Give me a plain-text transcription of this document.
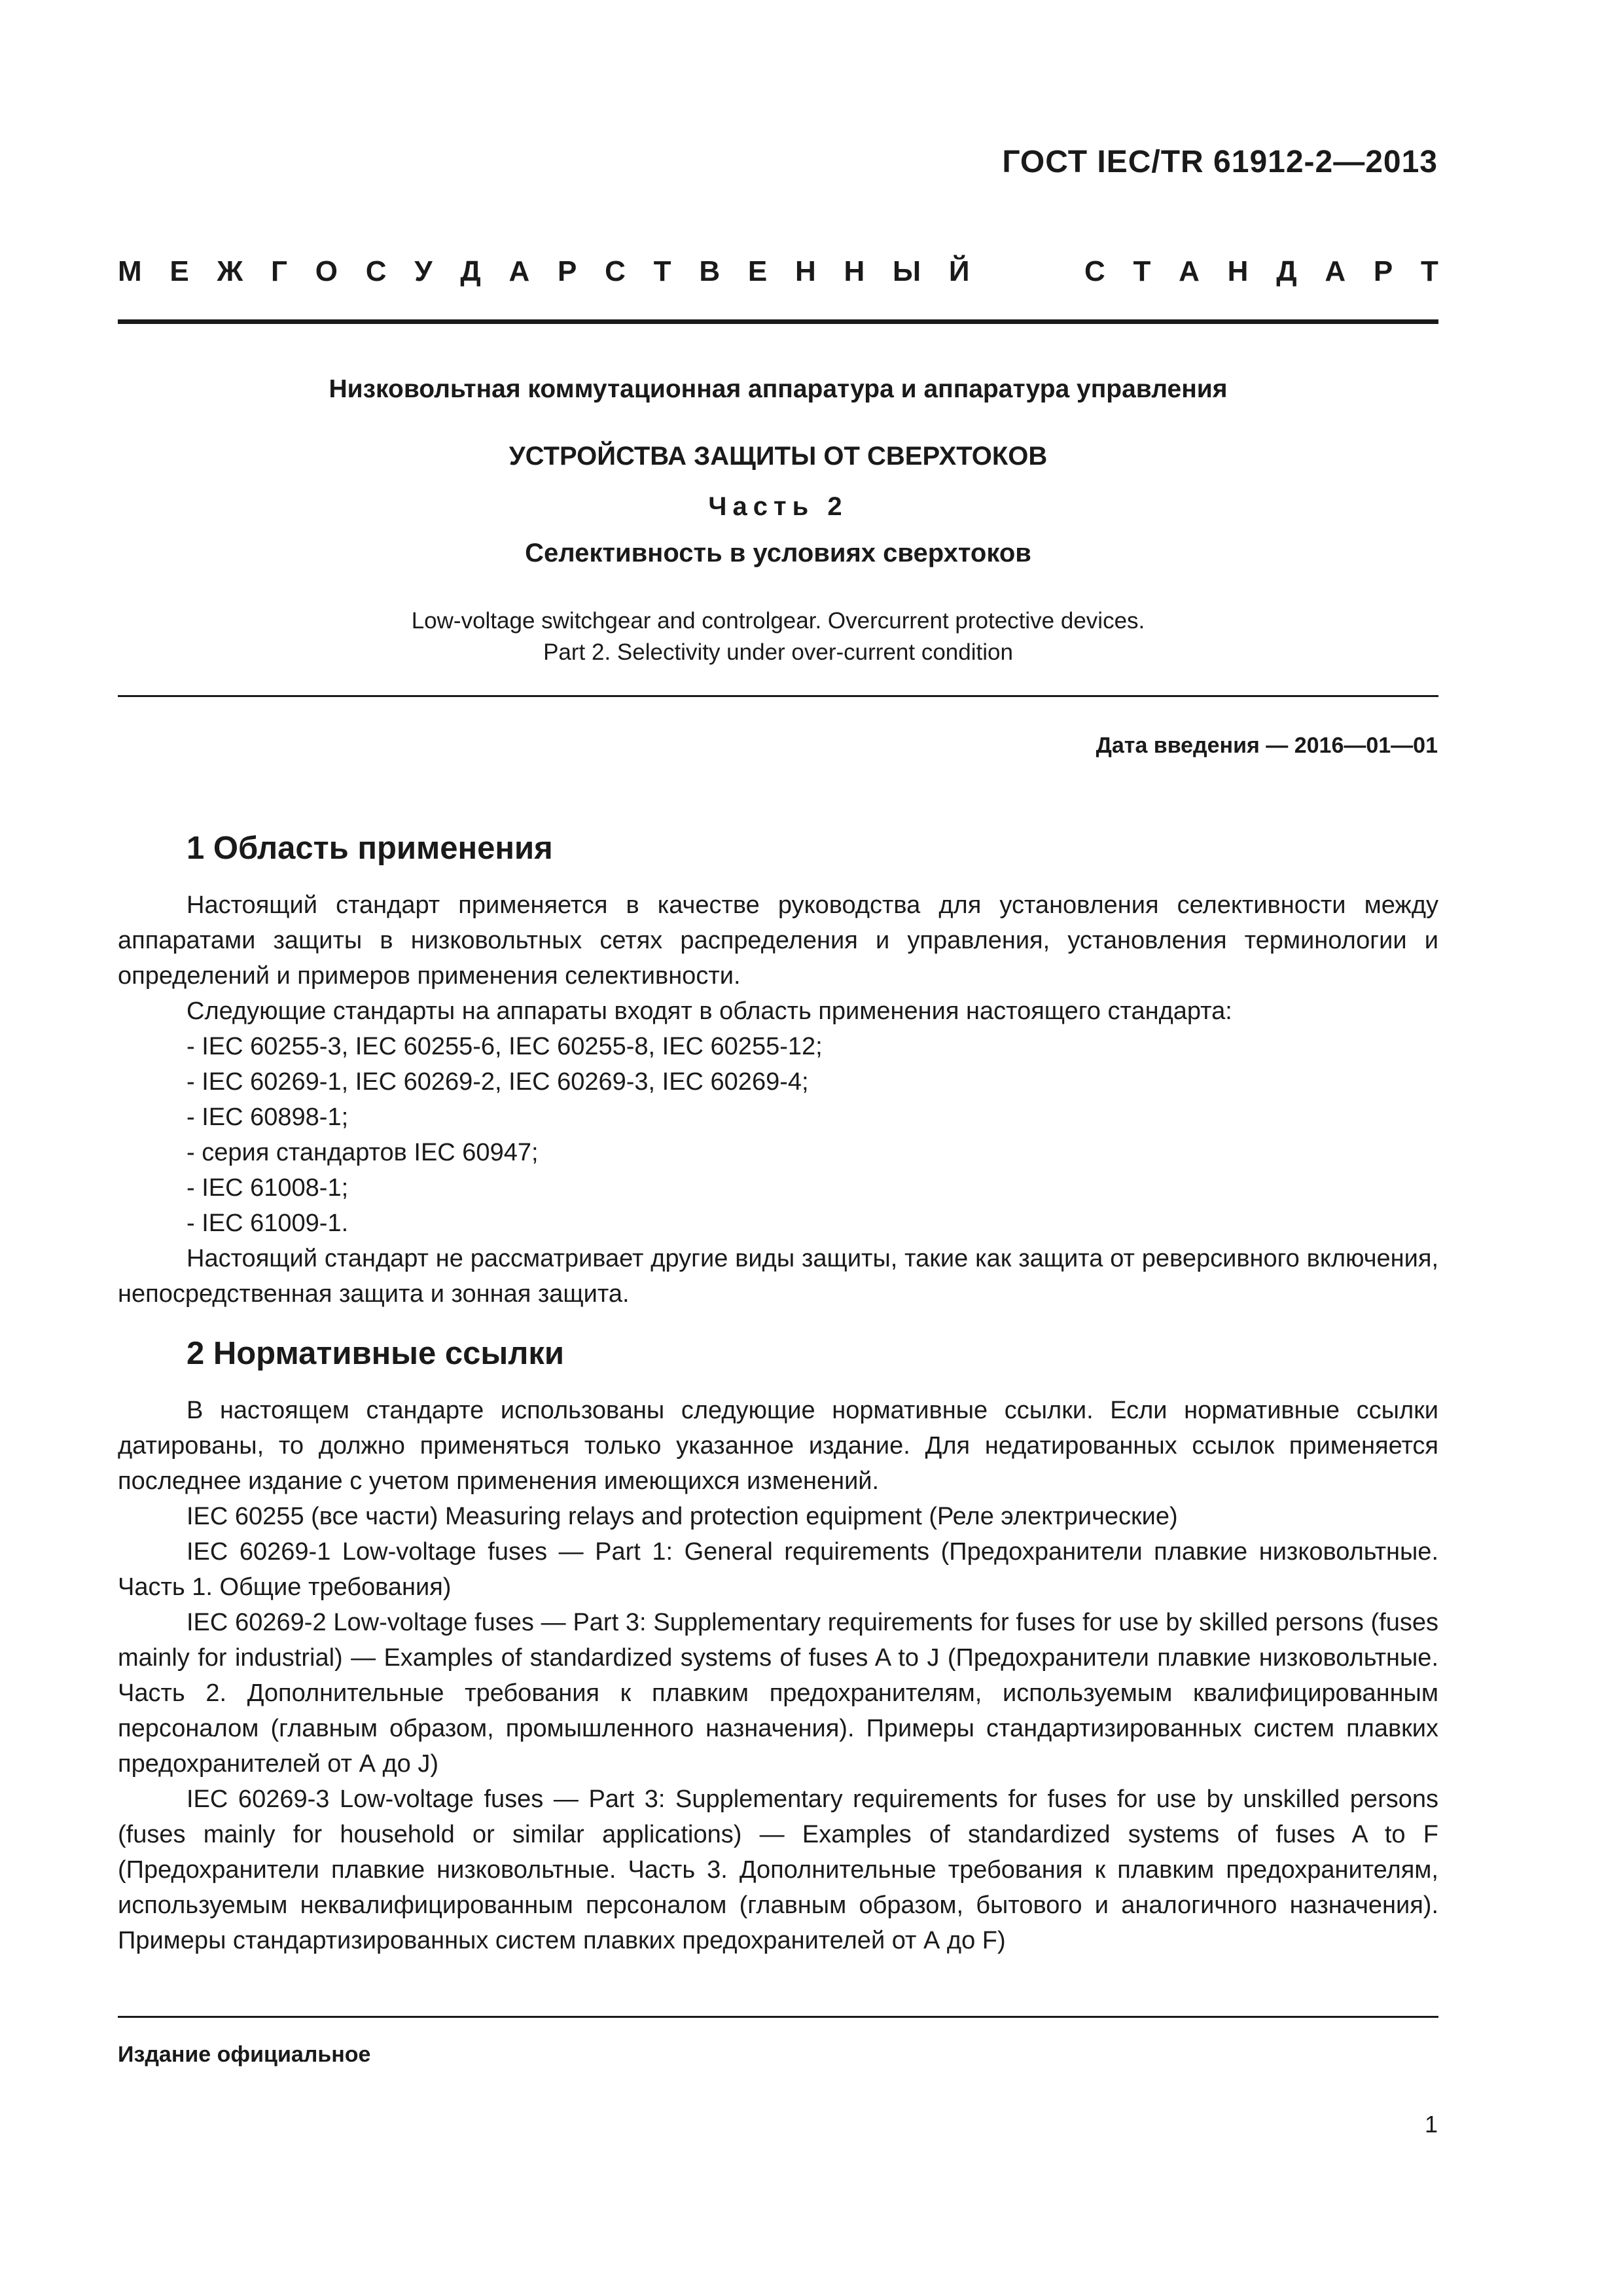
ГОСТ IEC/TR 61912-2—2013
М Е Ж Г О С У Д А Р С Т В Е Н Н Ы Й	С Т А Н Д А Р Т
Низковольтная коммутационная аппаратура и аппаратура управления
УСТРОЙСТВА ЗАЩИТЫ ОТ СВЕРХТОКОВ
Часть 2
Селективность в условиях сверхтоков
Low-voltage switchgear and controlgear. Overcurrent protective devices.
Part 2. Selectivity under over-current condition
Дата введения — 2016—01—01
1 Область применения

Настоящий стандарт применяется в качестве руководства для установления селективности между аппаратами защиты в низковольтных сетях распределения и управления, установления терминологии и определений и примеров применения селективности.

Следующие стандарты на аппараты входят в область применения настоящего стандарта:

- IEC 60255-3, IEC 60255-6, IEC 60255-8, IEC 60255-12;

- IEC 60269-1, IEC 60269-2, IEC 60269-3, IEC 60269-4;

- IEC 60898-1;

- серия стандартов IEC 60947;

- IEC 61008-1;

- IEC 61009-1.

Настоящий стандарт не рассматривает другие виды защиты, такие как защита от реверсивного включения, непосредственная защита и зонная защита.

2 Нормативные ссылки

В настоящем стандарте использованы следующие нормативные ссылки. Если нормативные ссылки датированы, то должно применяться только указанное издание. Для недатированных ссылок применяется последнее издание с учетом применения имеющихся изменений.

IEC 60255 (все части) Measuring relays and protection equipment (Реле электрические)

IEC 60269-1 Low-voltage fuses — Part 1: General requirements (Предохранители плавкие низковольтные. Часть 1. Общие требования)

IEC 60269-2 Low-voltage fuses — Part 3: Supplementary requirements for fuses for use by skilled persons (fuses mainly for industrial) — Examples of standardized systems of fuses A to J (Предохранители плавкие низковольтные. Часть 2. Дополнительные требования к плавким предохранителям, используемым квалифицированным персоналом (главным образом, промышленного назначения). Примеры стандартизированных систем плавких предохранителей от А до J)

IEC 60269-3 Low-voltage fuses — Part 3: Supplementary requirements for fuses for use by unskilled persons (fuses mainly for household or similar applications) — Examples of standardized systems of fuses A to F (Предохранители плавкие низковольтные. Часть 3. Дополнительные требования к плавким предохранителям, используемым неквалифицированным персоналом (главным образом, бытового и аналогичного назначения). Примеры стандартизированных систем плавких предохранителей от А до F)

Издание официальное
1
